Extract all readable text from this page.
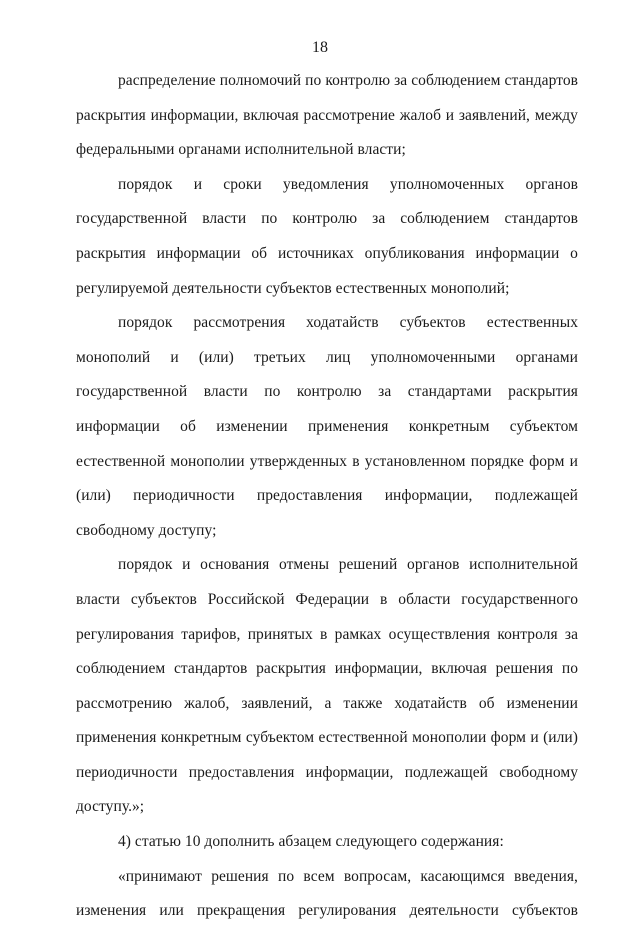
18

распределение полномочий по контролю за соблюдением стандартов раскрытия информации, включая рассмотрение жалоб и заявлений, между федеральными органами исполнительной власти;

порядок и сроки уведомления уполномоченных органов государственной власти по контролю за соблюдением стандартов раскрытия информации об источниках опубликования информации о регулируемой деятельности субъектов естественных монополий;

порядок рассмотрения ходатайств субъектов естественных монополий и (или) третьих лиц уполномоченными органами государственной власти по контролю за стандартами раскрытия информации об изменении применения конкретным субъектом естественной монополии утвержденных в установленном порядке форм и (или) периодичности предоставления информации, подлежащей свободному доступу;

порядок и основания отмены решений органов исполнительной власти субъектов Российской Федерации в области государственного регулирования тарифов, принятых в рамках осуществления контроля за соблюдением стандартов раскрытия информации, включая решения по рассмотрению жалоб, заявлений, а также ходатайств об изменении применения конкретным субъектом естественной монополии форм и (или) периодичности предоставления информации, подлежащей свободному доступу.»;

4) статью 10 дополнить абзацем следующего содержания:

«принимают решения по всем вопросам, касающимся введения, изменения или прекращения регулирования деятельности субъектов
